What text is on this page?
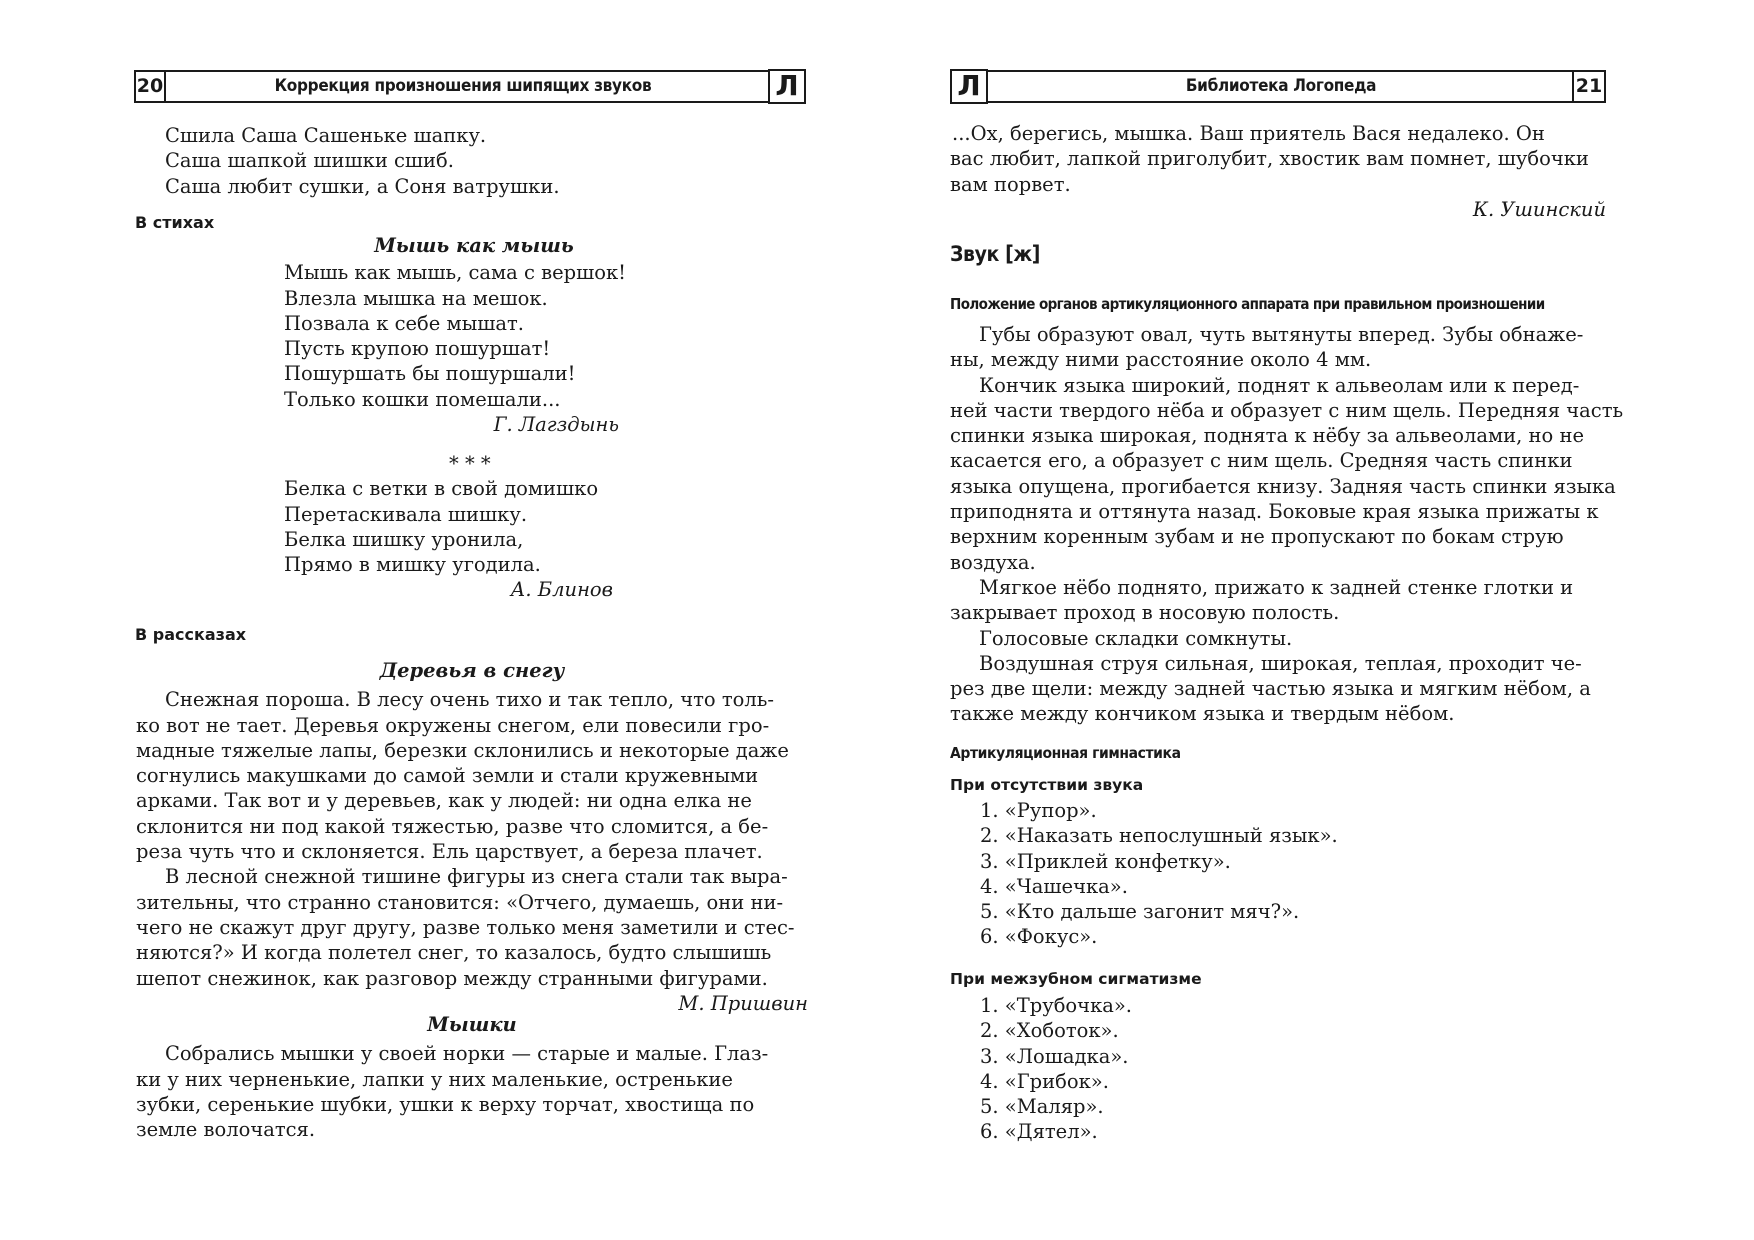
20	Коррекция произношения шипящих звуков	Л
Сшила Саша Сашеньке шапку.
Саша шапкой шишки сшиб.
Саша любит сушки, а Соня ватрушки.
В стихах
Мышь как мышь
Мышь как мышь, сама с вершок!
Влезла мышка на мешок.
Позвала к себе мышат.
Пусть крупою пошуршат!
Пошуршать бы пошуршали!
Только кошки помешали...
Г. Лагздынь
* * *
Белка с ветки в свой домишко
Перетаскивала шишку.
Белка шишку уронила,
Прямо в мишку угодила.
А. Блинов
В рассказах
Деревья в снегу
Снежная пороша. В лесу очень тихо и так тепло, что толь-
ко вот не тает. Деревья окружены снегом, ели повесили гро-
мадные тяжелые лапы, березки склонились и некоторые даже
согнулись макушками до самой земли и стали кружевными
арками. Так вот и у деревьев, как у людей: ни одна елка не
склонится ни под какой тяжестью, разве что сломится, а бе-
реза чуть что и склоняется. Ель царствует, а береза плачет.
В лесной снежной тишине фигуры из снега стали так выра-
зительны, что странно становится: «Отчего, думаешь, они ни-
чего не скажут друг другу, разве только меня заметили и стес-
няются?» И когда полетел снег, то казалось, будто слышишь
шепот снежинок, как разговор между странными фигурами.
М. Пришвин
Мышки
Собрались мышки у своей норки — старые и малые. Глаз-
ки у них черненькие, лапки у них маленькие, остренькие
зубки, серенькие шубки, ушки к верху торчат, хвостища по
земле волочатся.
Л	Библиотека Логопеда	21
...Ох, берегись, мышка. Ваш приятель Вася недалеко. Он
вас любит, лапкой приголубит, хвостик вам помнет, шубочки
вам порвет.
К. Ушинский
Звук [ж]
Положение органов артикуляционного аппарата при правильном произношении
Губы образуют овал, чуть вытянуты вперед. Зубы обнаже-
ны, между ними расстояние около 4 мм.
Кончик языка широкий, поднят к альвеолам или к перед-
ней части твердого нёба и образует с ним щель. Передняя часть
спинки языка широкая, поднята к нёбу за альвеолами, но не
касается его, а образует с ним щель. Средняя часть спинки
языка опущена, прогибается книзу. Задняя часть спинки языка
приподнята и оттянута назад. Боковые края языка прижаты к
верхним коренным зубам и не пропускают по бокам струю
воздуха.
Мягкое нёбо поднято, прижато к задней стенке глотки и
закрывает проход в носовую полость.
Голосовые складки сомкнуты.
Воздушная струя сильная, широкая, теплая, проходит че-
рез две щели: между задней частью языка и мягким нёбом, а
также между кончиком языка и твердым нёбом.
Артикуляционная гимнастика
При отсутствии звука
1. «Рупор».
2. «Наказать непослушный язык».
3. «Приклей конфетку».
4. «Чашечка».
5. «Кто дальше загонит мяч?».
6. «Фокус».
При межзубном сигматизме
1. «Трубочка».
2. «Хоботок».
3. «Лошадка».
4. «Грибок».
5. «Маляр».
6. «Дятел».
